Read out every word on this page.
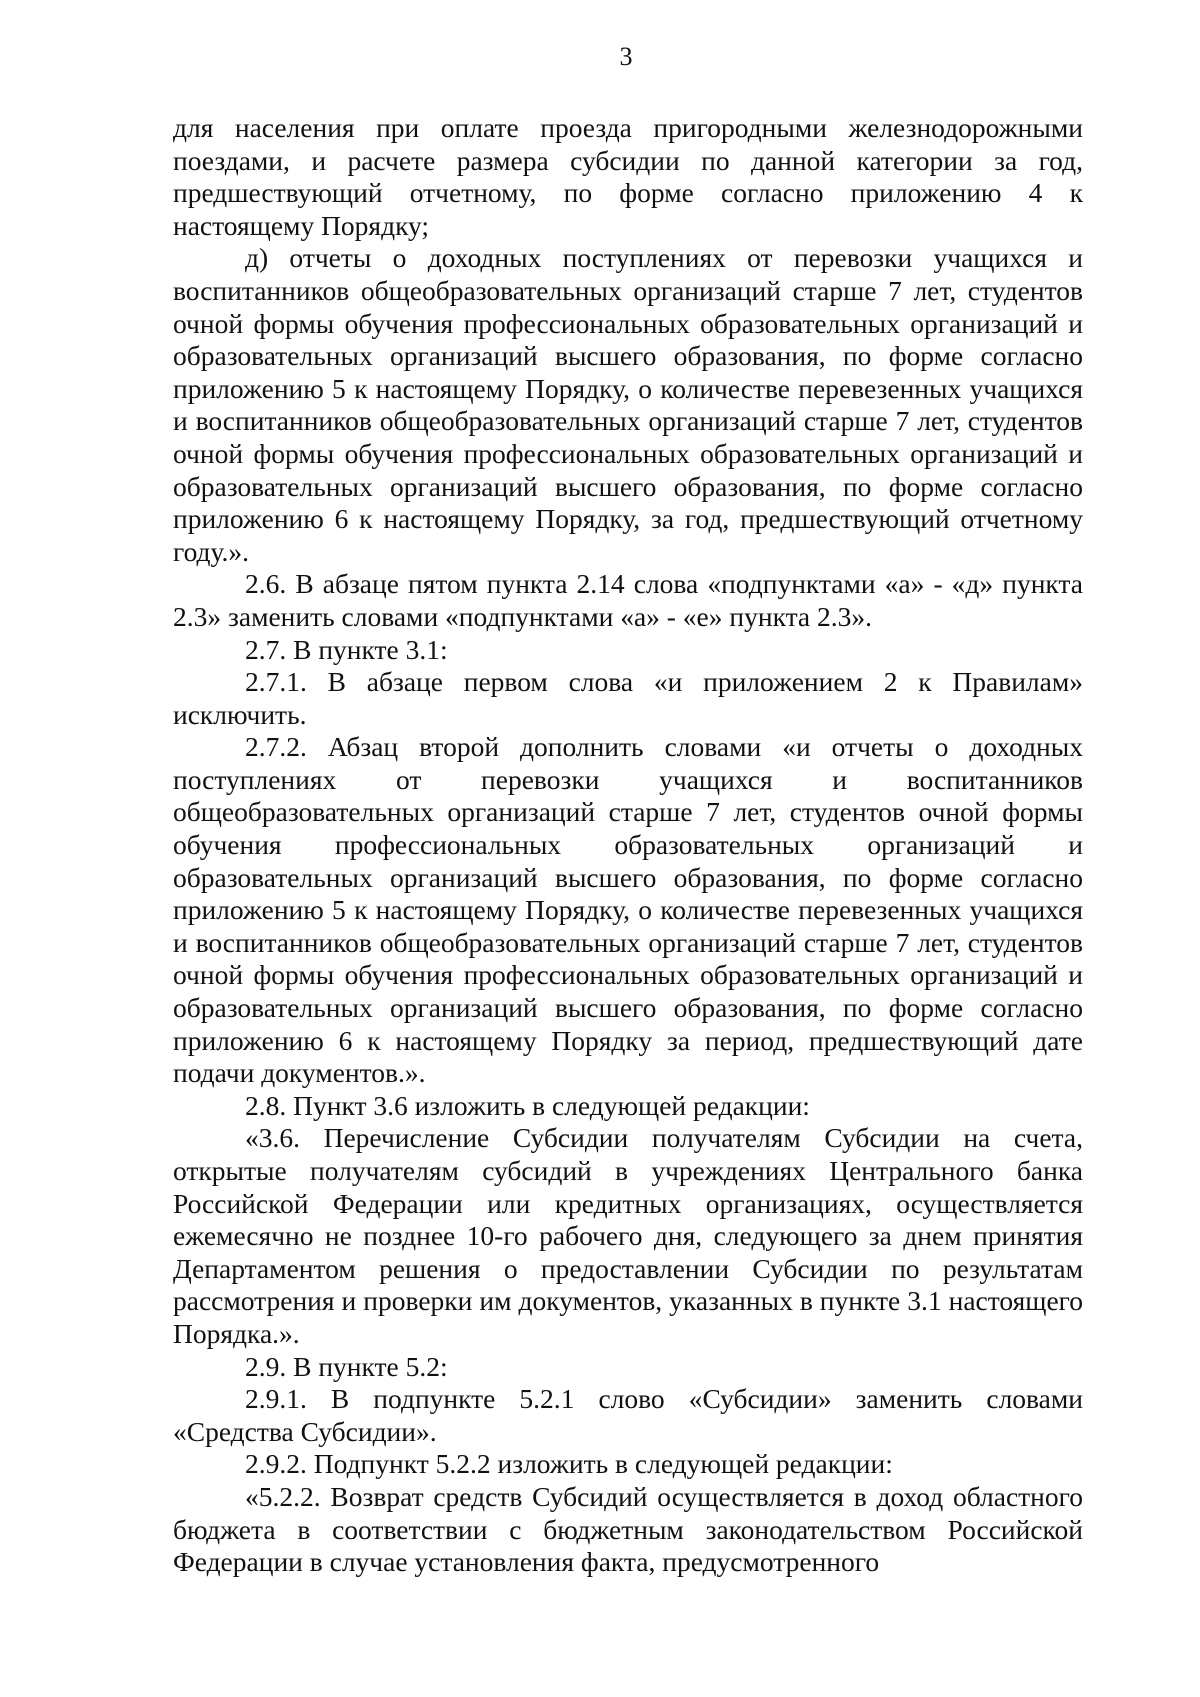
3

для населения при оплате проезда пригородными железнодорожными поездами, и расчете размера субсидии по данной категории за год, предшествующий отчетному, по форме согласно приложению 4 к настоящему Порядку;

д) отчеты о доходных поступлениях от перевозки учащихся и воспитанников общеобразовательных организаций старше 7 лет, студентов очной формы обучения профессиональных образовательных организаций и образовательных организаций высшего образования, по форме согласно приложению 5 к настоящему Порядку, о количестве перевезенных учащихся и воспитанников общеобразовательных организаций старше 7 лет, студентов очной формы обучения профессиональных образовательных организаций и образовательных организаций высшего образования, по форме согласно приложению 6 к настоящему Порядку, за год, предшествующий отчетному году.».

2.6. В абзаце пятом пункта 2.14 слова «подпунктами «а» - «д» пункта 2.3» заменить словами «подпунктами «а» - «е» пункта 2.3».

2.7. В пункте 3.1:

2.7.1. В абзаце первом слова «и приложением 2 к Правилам» исключить.

2.7.2. Абзац второй дополнить словами «и отчеты о доходных поступлениях от перевозки учащихся и воспитанников общеобразовательных организаций старше 7 лет, студентов очной формы обучения профессиональных образовательных организаций и образовательных организаций высшего образования, по форме согласно приложению 5 к настоящему Порядку, о количестве перевезенных учащихся и воспитанников общеобразовательных организаций старше 7 лет, студентов очной формы обучения профессиональных образовательных организаций и образовательных организаций высшего образования, по форме согласно приложению 6 к настоящему Порядку за период, предшествующий дате подачи документов.».

2.8. Пункт 3.6 изложить в следующей редакции:

«3.6. Перечисление Субсидии получателям Субсидии на счета, открытые получателям субсидий в учреждениях Центрального банка Российской Федерации или кредитных организациях, осуществляется ежемесячно не позднее 10-го рабочего дня, следующего за днем принятия Департаментом решения о предоставлении Субсидии по результатам рассмотрения и проверки им документов, указанных в пункте 3.1 настоящего Порядка.».

2.9. В пункте 5.2:

2.9.1. В подпункте 5.2.1 слово «Субсидии» заменить словами «Средства Субсидии».

2.9.2. Подпункт 5.2.2 изложить в следующей редакции:

«5.2.2. Возврат средств Субсидий осуществляется в доход областного бюджета в соответствии с бюджетным законодательством Российской Федерации в случае установления факта, предусмотренного
